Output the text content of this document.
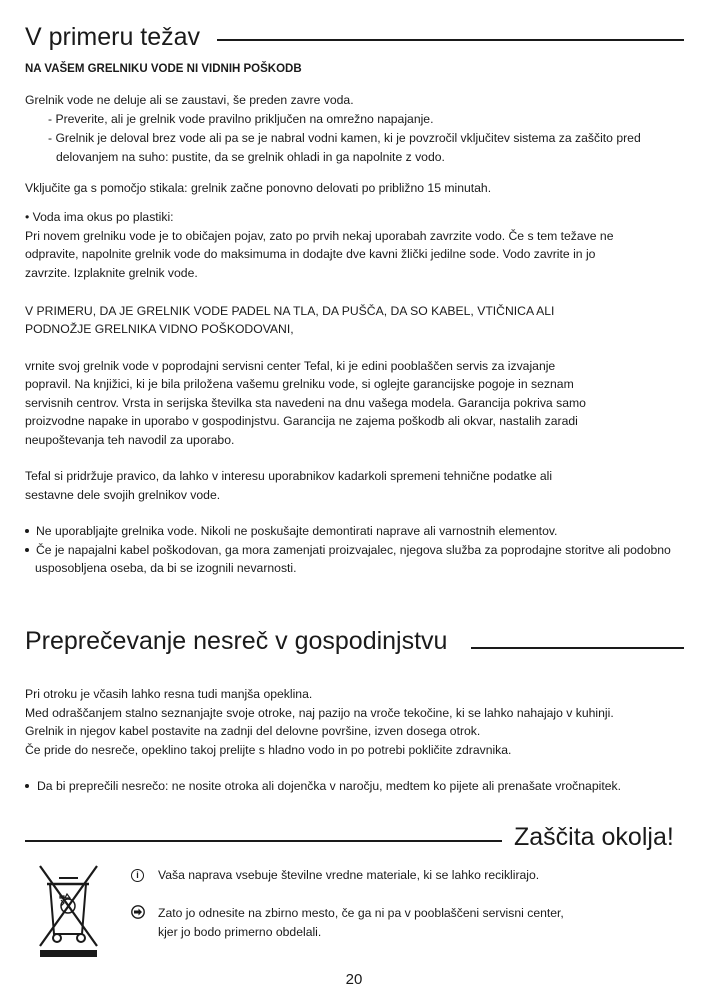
V primeru težav
NA VAŠEM GRELNIKU VODE NI VIDNIH POŠKODB
Grelnik vode ne deluje ali se zaustavi, še preden zavre voda.
- Preverite, ali je grelnik vode pravilno priključen na omrežno napajanje.
- Grelnik je deloval brez vode ali pa se je nabral vodni kamen, ki je povzročil vključitev sistema za zaščito pred
delovanjem na suho: pustite, da se grelnik ohladi in ga napolnite z vodo.
Vključite ga s pomočjo stikala: grelnik začne ponovno delovati po približno 15 minutah.
• Voda ima okus po plastiki:
Pri novem grelniku vode je to običajen pojav, zato po prvih nekaj uporabah zavrzite vodo. Če s tem težave ne
odpravite, napolnite grelnik vode do maksimuma in dodajte dve kavni žlički jedilne sode. Vodo zavrite in jo
zavrzite. Izplaknite grelnik vode.
V PRIMERU, DA JE GRELNIK VODE PADEL NA TLA, DA PUŠČA, DA SO KABEL, VTIČNICA ALI
PODNOŽJE GRELNIKA VIDNO POŠKODOVANI,
vrnite svoj grelnik vode v poprodajni servisni center Tefal, ki je edini pooblaščen servis za izvajanje
popravil. Na knjižici, ki je bila priložena vašemu grelniku vode, si oglejte garancijske pogoje in seznam
servisnih centrov. Vrsta in serijska številka sta navedeni na dnu vašega modela. Garancija pokriva samo
proizvodne napake in uporabo v gospodinjstvu. Garancija ne zajema poškodb ali okvar, nastalih zaradi
neupoštevanja teh navodil za uporabo.
Tefal si pridržuje pravico, da lahko v interesu uporabnikov kadarkoli spremeni tehnične podatke ali
sestavne dele svojih grelnikov vode.
Ne uporabljajte grelnika vode. Nikoli ne poskušajte demontirati naprave ali varnostnih elementov.
Če je napajalni kabel poškodovan, ga mora zamenjati proizvajalec, njegova služba za poprodajne storitve ali podobno
usposobljena oseba, da bi se izognili nevarnosti.
Preprečevanje nesreč v gospodinjstvu
Pri otroku je včasih lahko resna tudi manjša opeklina.
Med odraščanjem stalno seznanjajte svoje otroke, naj pazijo na vroče tekočine, ki se lahko nahajajo v kuhinji.
Grelnik in njegov kabel postavite na zadnji del delovne površine, izven dosega otrok.
Če pride do nesreče, opeklino takoj prelijte s hladno vodo in po potrebi pokličite zdravnika.
Da bi preprečili nesrečo: ne nosite otroka ali dojenčka v naročju, medtem ko pijete ali prenašate vročnapitek.
Zaščita okolja!
i	Vaša naprava vsebuje številne vredne materiale, ki se lahko reciklirajo.
Zato jo odnesite na zbirno mesto, če ga ni pa v pooblaščeni servisni center,
kjer jo bodo primerno obdelali.
20
